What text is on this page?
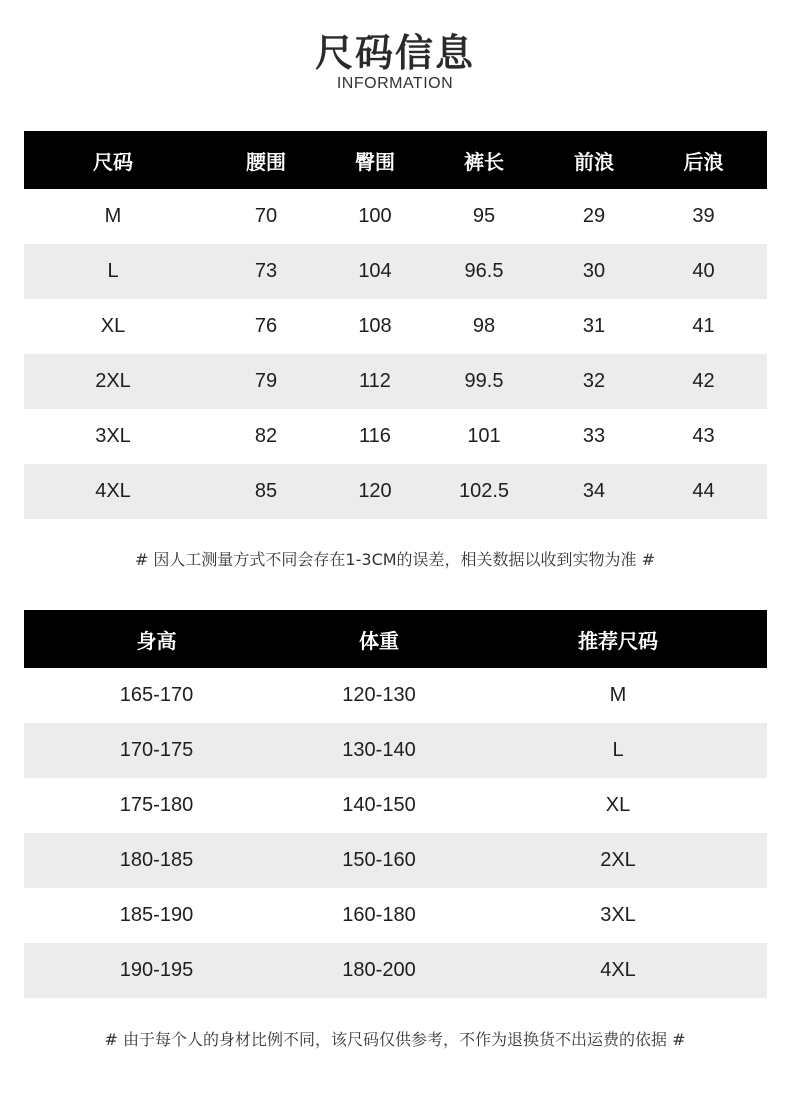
尺码信息
INFORMATION
尺码	腰围	臀围	裤长	前浪	后浪
M	70	100	95	29	39
L	73	104	96.5	30	40
XL	76	108	98	31	41
2XL	79	112	99.5	32	42
3XL	82	116	101	33	43
4XL	85	120	102.5	34	44
# 因人工测量方式不同会存在1-3CM的误差，相关数据以收到实物为准 #
身高	体重	推荐尺码
165-170	120-130	M
170-175	130-140	L
175-180	140-150	XL
180-185	150-160	2XL
185-190	160-180	3XL
190-195	180-200	4XL
# 由于每个人的身材比例不同，该尺码仅供参考，不作为退换货不出运费的依据 #
